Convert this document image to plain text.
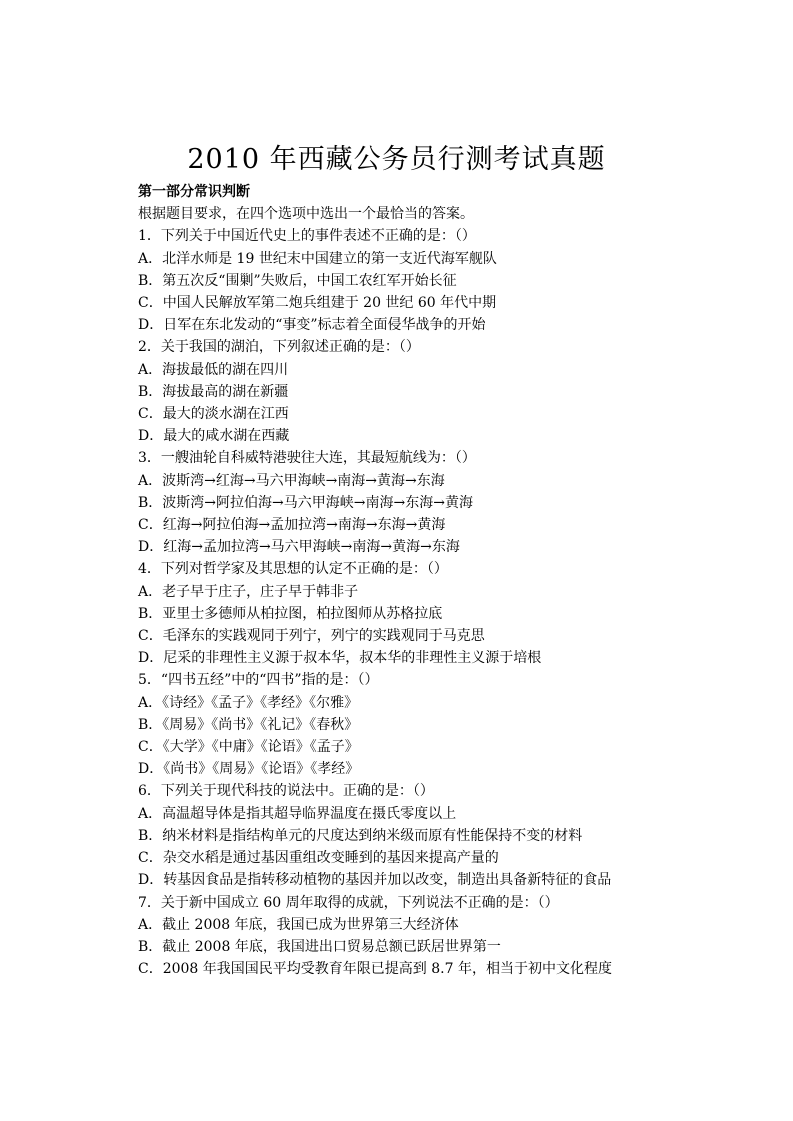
2010 年西藏公务员行测考试真题
第一部分常识判断
根据题目要求，在四个选项中选出一个最恰当的答案。
1．下列关于中国近代史上的事件表述不正确的是：（）
A．北洋水师是 19 世纪末中国建立的第一支近代海军舰队
B．第五次反“围剿”失败后，中国工农红军开始长征
C．中国人民解放军第二炮兵组建于 20 世纪 60 年代中期
D．日军在东北发动的“事变”标志着全面侵华战争的开始
2．关于我国的湖泊，下列叙述正确的是：（）
A．海拔最低的湖在四川
B．海拔最高的湖在新疆
C．最大的淡水湖在江西
D．最大的咸水湖在西藏
3．一艘油轮自科威特港驶往大连，其最短航线为：（）
A．波斯湾→红海→马六甲海峡→南海→黄海→东海
B．波斯湾→阿拉伯海→马六甲海峡→南海→东海→黄海
C．红海→阿拉伯海→孟加拉湾→南海→东海→黄海
D．红海→孟加拉湾→马六甲海峡→南海→黄海→东海
4．下列对哲学家及其思想的认定不正确的是：（）
A．老子早于庄子，庄子早于韩非子
B．亚里士多德师从柏拉图，柏拉图师从苏格拉底
C．毛泽东的实践观同于列宁，列宁的实践观同于马克思
D．尼采的非理性主义源于叔本华，叔本华的非理性主义源于培根
5．“四书五经”中的“四书”指的是：（）
A．《诗经》《孟子》《孝经》《尔雅》
B．《周易》《尚书》《礼记》《春秋》
C．《大学》《中庸》《论语》《孟子》
D．《尚书》《周易》《论语》《孝经》
6．下列关于现代科技的说法中。正确的是：（）
A．高温超导体是指其超导临界温度在摄氏零度以上
B．纳米材料是指结构单元的尺度达到纳米级而原有性能保持不变的材料
C．杂交水稻是通过基因重组改变睡到的基因来提高产量的
D．转基因食品是指转移动植物的基因并加以改变，制造出具备新特征的食品
7．关于新中国成立 60 周年取得的成就，下列说法不正确的是：（）
A．截止 2008 年底，我国已成为世界第三大经济体
B．截止 2008 年底，我国进出口贸易总额已跃居世界第一
C．2008 年我国国民平均受教育年限已提高到 8.7 年，相当于初中文化程度
